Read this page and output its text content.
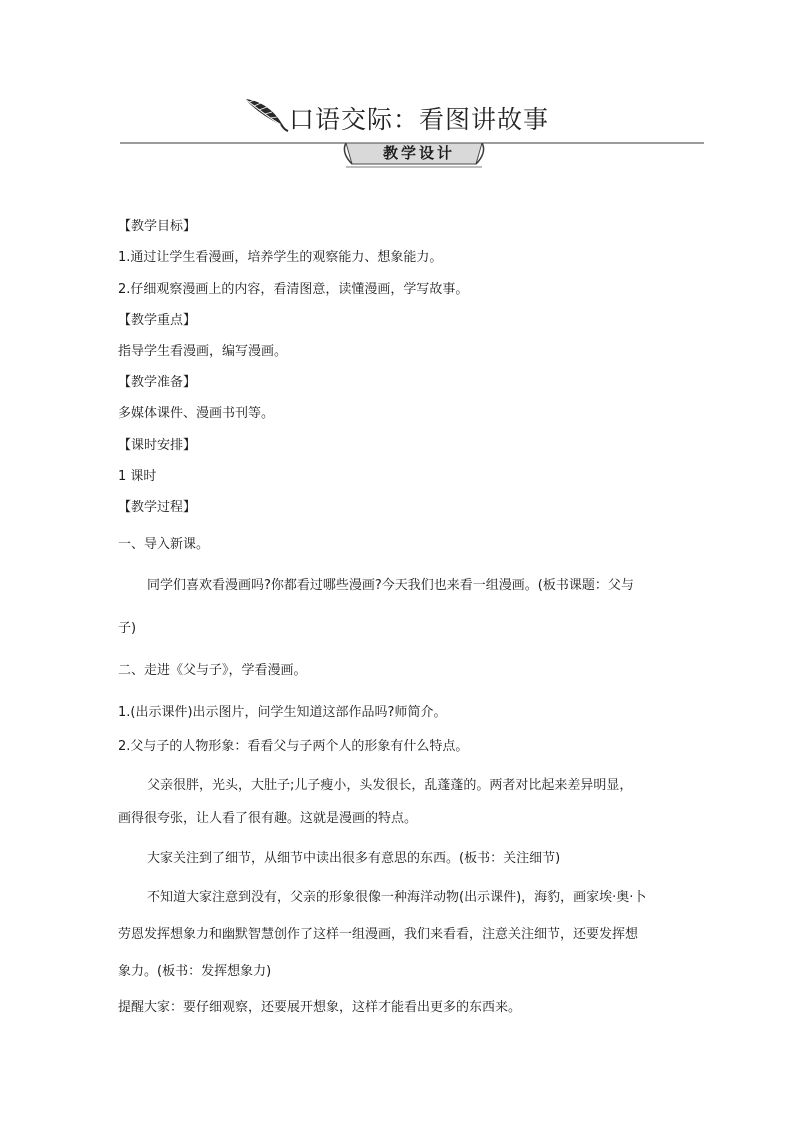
口语交际：看图讲故事
教学设计
【教学目标】
1.通过让学生看漫画，培养学生的观察能力、想象能力。
2.仔细观察漫画上的内容，看清图意，读懂漫画，学写故事。
【教学重点】
指导学生看漫画，编写漫画。
【教学准备】
多媒体课件、漫画书刊等。
【课时安排】
1 课时
【教学过程】
一、导入新课。
同学们喜欢看漫画吗?你都看过哪些漫画?今天我们也来看一组漫画。(板书课题：父与
子)
二、走进《父与子》，学看漫画。
1.(出示课件)出示图片，问学生知道这部作品吗?师简介。
2.父与子的人物形象：看看父与子两个人的形象有什么特点。
父亲很胖，光头，大肚子;儿子瘦小，头发很长，乱蓬蓬的。两者对比起来差异明显，
画得很夸张，让人看了很有趣。这就是漫画的特点。
大家关注到了细节，从细节中读出很多有意思的东西。(板书：关注细节)
不知道大家注意到没有，父亲的形象很像一种海洋动物(出示课件)，海豹，画家埃·奥·卜
劳恩发挥想象力和幽默智慧创作了这样一组漫画，我们来看看，注意关注细节，还要发挥想
象力。(板书：发挥想象力)
提醒大家：要仔细观察，还要展开想象，这样才能看出更多的东西来。
